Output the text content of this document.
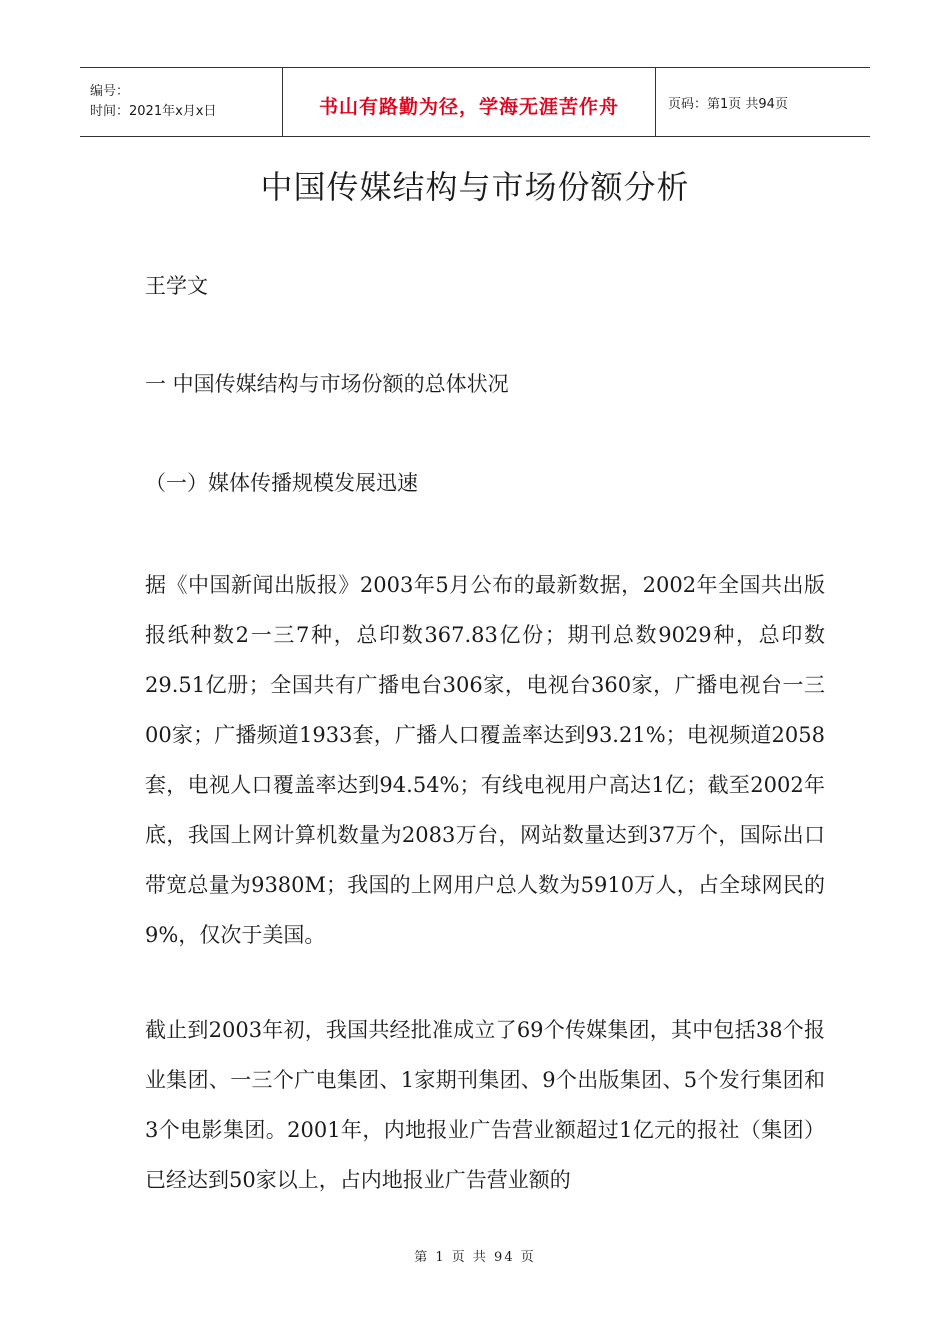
编号：
时间：2021年x月x日	书山有路勤为径，学海无涯苦作舟	页码：第1页 共94页
中国传媒结构与市场份额分析
王学文
一 中国传媒结构与市场份额的总体状况
（一）媒体传播规模发展迅速
据《中国新闻出版报》2003年5月公布的最新数据，2002年全国共出版报纸种数2一三7种，总印数367.83亿份；期刊总数9029种，总印数29.51亿册；全国共有广播电台306家，电视台360家，广播电视台一三00家；广播频道1933套，广播人口覆盖率达到93.21%；电视频道2058套，电视人口覆盖率达到94.54%；有线电视用户高达1亿；截至2002年底，我国上网计算机数量为2083万台，网站数量达到37万个，国际出口带宽总量为9380M；我国的上网用户总人数为5910万人，占全球网民的9%，仅次于美国。
截止到2003年初，我国共经批准成立了69个传媒集团，其中包括38个报业集团、一三个广电集团、1家期刊集团、9个出版集团、5个发行集团和3个电影集团。2001年，内地报业广告营业额超过1亿元的报社（集团）已经达到50家以上，占内地报业广告营业额的
第 1 页 共 94 页
